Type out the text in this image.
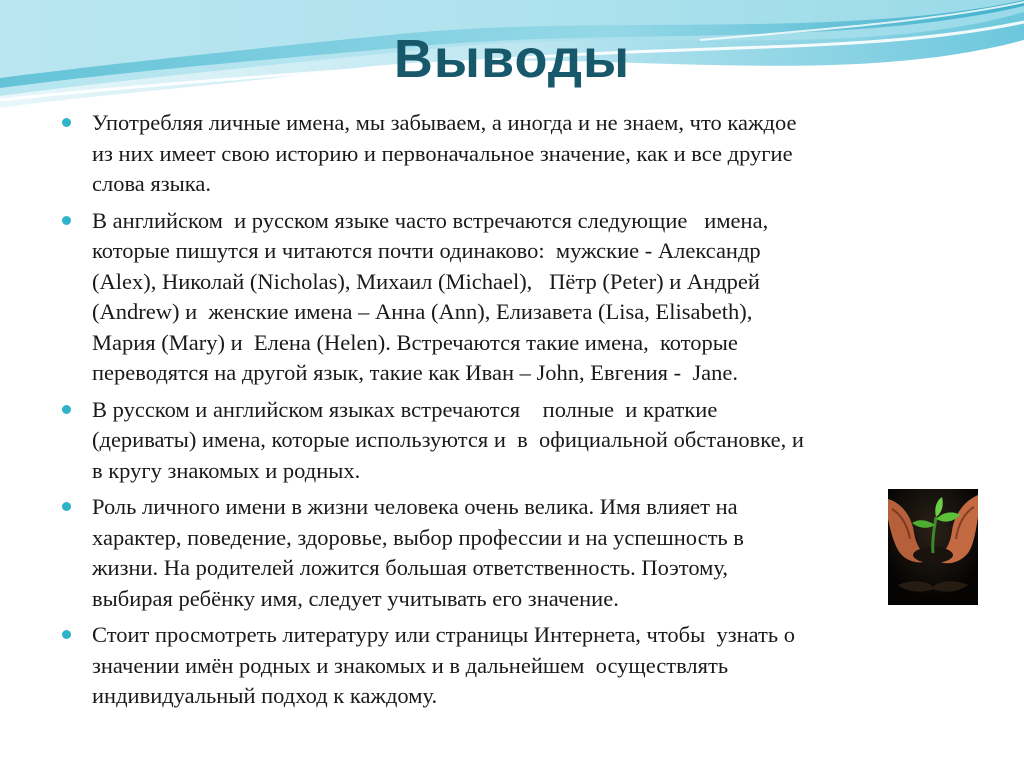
Выводы
Употребляя личные имена, мы забываем, а иногда и не знаем, что каждое
из них имеет свою историю и первоначальное значение, как и все другие
слова языка.
В английском  и русском языке часто встречаются следующие   имена,
которые пишутся и читаются почти одинаково:  мужские - Александр
(Alex), Николай (Nicholas), Михаил (Michael),   Пётр (Peter) и Андрей
(Andrew) и  женские имена – Анна (Ann), Елизавета (Lisa, Elisabeth),
Мария (Mary) и  Елена (Helen). Встречаются такие имена,  которые
переводятся на другой язык, такие как Иван – John, Евгения -  Jane.
В русском и английском языках встречаются    полные  и краткие
(дериваты) имена, которые используются и  в  официальной обстановке, и
в кругу знакомых и родных.
Роль личного имени в жизни человека очень велика. Имя влияет на
характер, поведение, здоровье, выбор профессии и на успешность в
жизни. На родителей ложится большая ответственность. Поэтому,
выбирая ребёнку имя, следует учитывать его значение.
Стоит просмотреть литературу или страницы Интернета, чтобы  узнать о
значении имён родных и знакомых и в дальнейшем  осуществлять
индивидуальный подход к каждому.
